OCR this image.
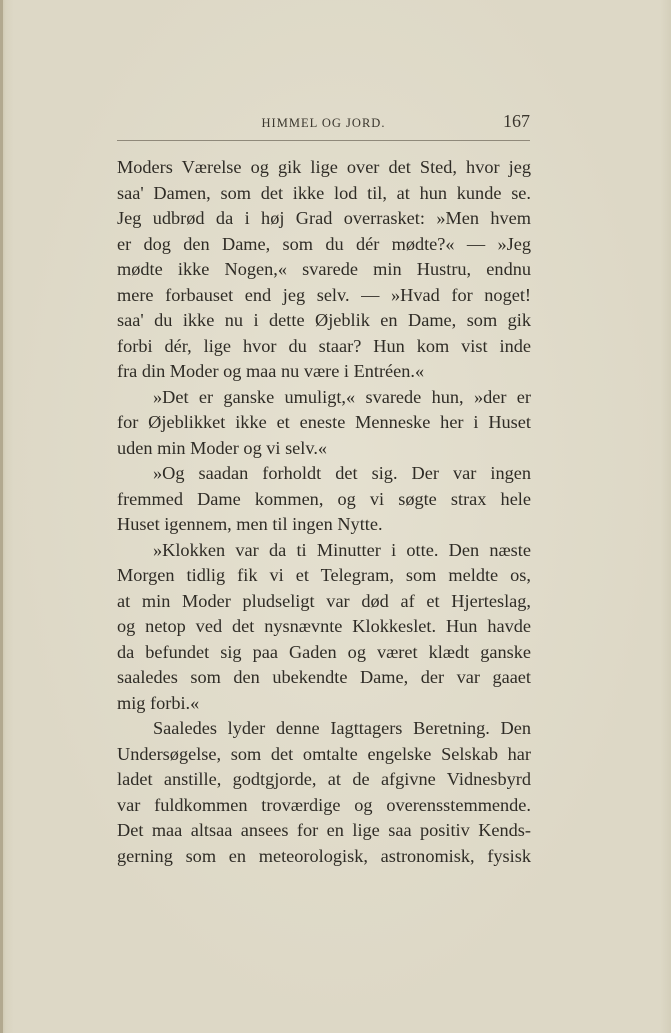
HIMMEL OG JORD.	167
Moders Værelse og gik lige over det Sted, hvor jeg
saa' Damen, som det ikke lod til, at hun kunde se.
Jeg udbrød da i høj Grad overrasket: »Men hvem
er dog den Dame, som du dér mødte?« — »Jeg
mødte ikke Nogen,« svarede min Hustru, endnu
mere forbauset end jeg selv. — »Hvad for noget!
saa' du ikke nu i dette Øjeblik en Dame, som gik
forbi dér, lige hvor du staar? Hun kom vist inde
fra din Moder og maa nu være i Entréen.«
»Det er ganske umuligt,« svarede hun, »der er
for Øjeblikket ikke et eneste Menneske her i Huset
uden min Moder og vi selv.«
»Og saadan forholdt det sig. Der var ingen
fremmed Dame kommen, og vi søgte strax hele
Huset igennem, men til ingen Nytte.
»Klokken var da ti Minutter i otte. Den næste
Morgen tidlig fik vi et Telegram, som meldte os,
at min Moder pludseligt var død af et Hjerteslag,
og netop ved det nysnævnte Klokkeslet. Hun havde
da befundet sig paa Gaden og været klædt ganske
saaledes som den ubekendte Dame, der var gaaet
mig forbi.«
Saaledes lyder denne Iagttagers Beretning. Den
Undersøgelse, som det omtalte engelske Selskab har
ladet anstille, godtgjorde, at de afgivne Vidnesbyrd
var fuldkommen troværdige og overensstemmende.
Det maa altsaa ansees for en lige saa positiv Kends-
gerning som en meteorologisk, astronomisk, fysisk
